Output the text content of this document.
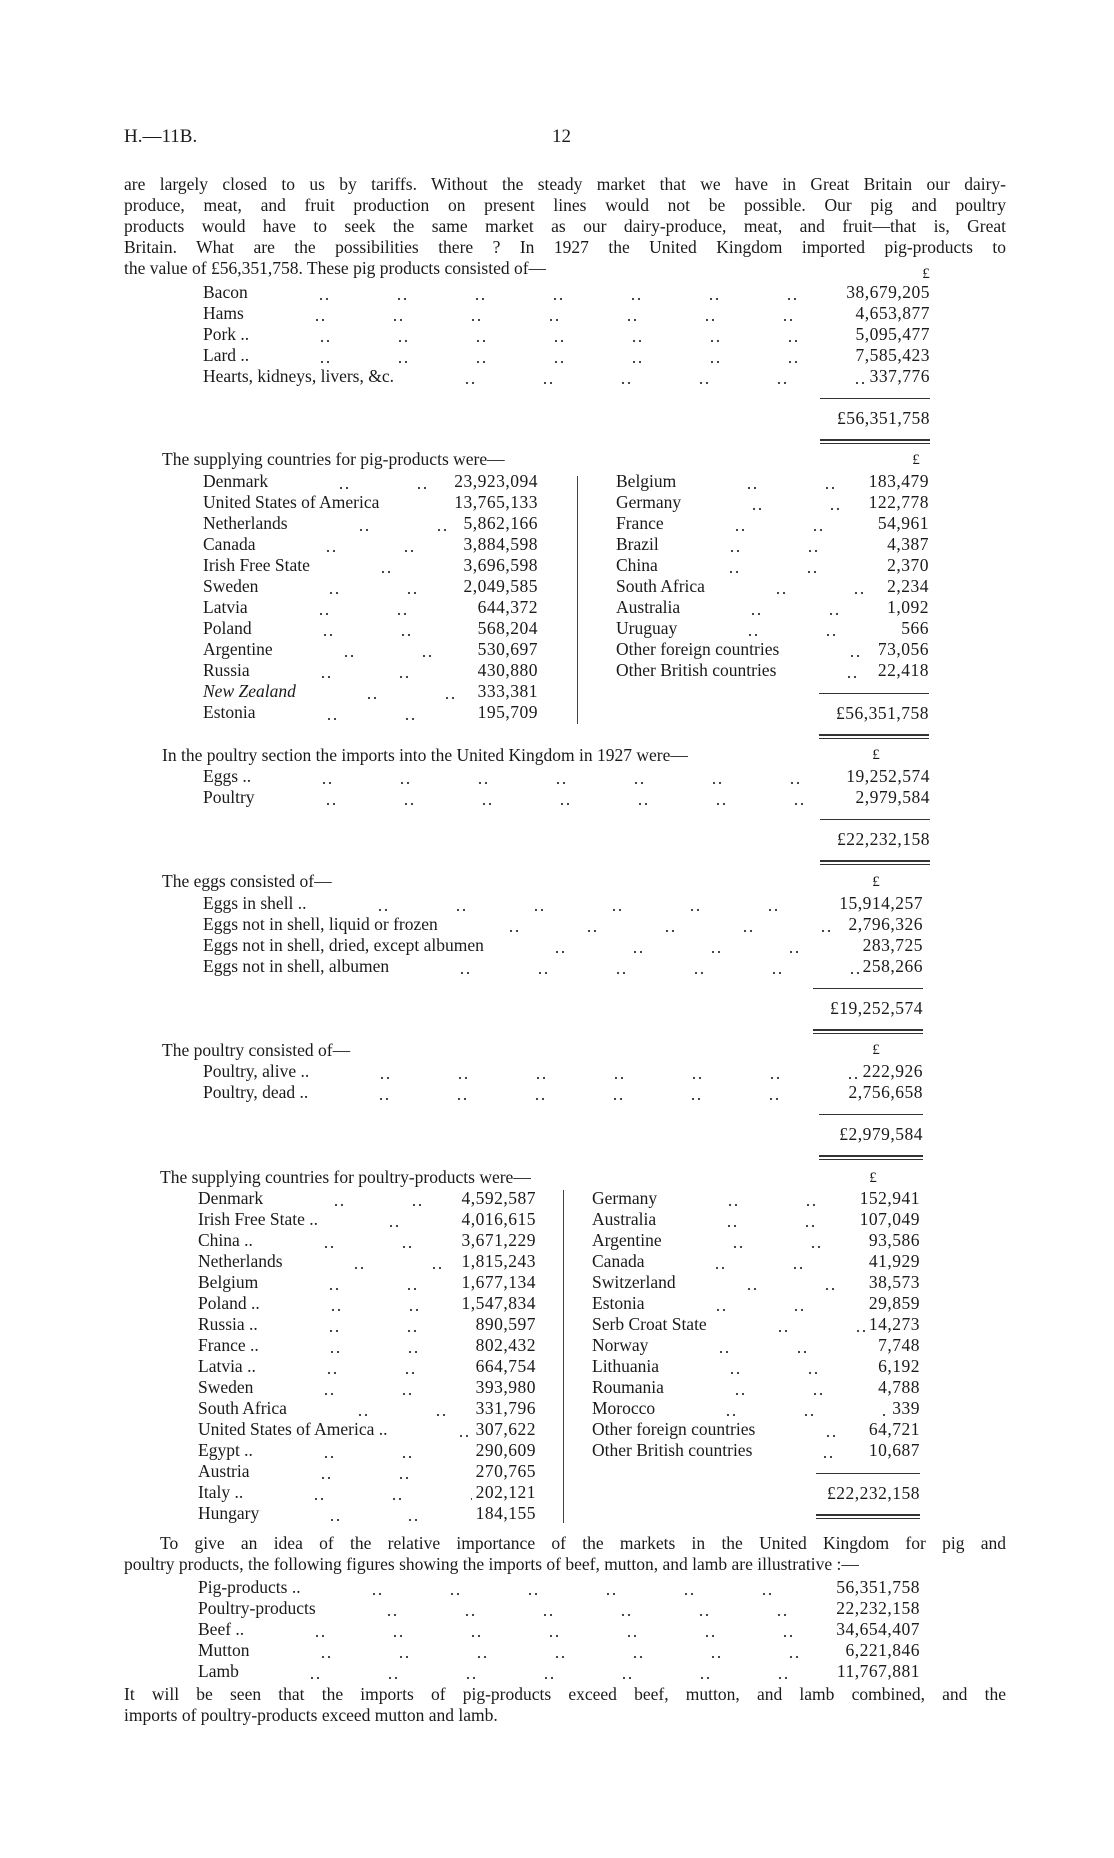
H.—11B.	12
are largely closed to us by tariffs. Without the steady market that we have in Great Britain our dairy-
produce, meat, and fruit production on present lines would not be possible. Our pig and poultry
products would have to seek the same market as our dairy-produce, meat, and fruit—that is, Great
Britain. What are the possibilities there ? In 1927 the United Kingdom imported pig-products to
the value of £56,351,758. These pig products consisted of—	£
Bacon	38,679,205
Hams	4,653,877
Pork ..	5,095,477
Lard ..	7,585,423
Hearts, kidneys, livers, &c.	337,776
£56,351,758
The supplying countries for pig-products were—	£
Denmark	23,923,094
United States of America	13,765,133
Netherlands	5,862,166
Canada	3,884,598
Irish Free State	3,696,598
Sweden	2,049,585
Latvia	644,372
Poland	568,204
Argentine	530,697
Russia	430,880
New Zealand	333,381
Estonia	195,709
Belgium	183,479
Germany	122,778
France	54,961
Brazil	4,387
China	2,370
South Africa	2,234
Australia	1,092
Uruguay	566
Other foreign countries	73,056
Other British countries	22,418
£56,351,758
In the poultry section the imports into the United Kingdom in 1927 were—	£
Eggs ..	19,252,574
Poultry	2,979,584
£22,232,158
The eggs consisted of—	£
Eggs in shell ..	15,914,257
Eggs not in shell, liquid or frozen	2,796,326
Eggs not in shell, dried, except albumen	283,725
Eggs not in shell, albumen	258,266
£19,252,574
The poultry consisted of—	£
Poultry, alive ..	222,926
Poultry, dead ..	2,756,658
£2,979,584
The supplying countries for poultry-products were—	£
Denmark	4,592,587
Irish Free State ..	4,016,615
China ..	3,671,229
Netherlands	1,815,243
Belgium	1,677,134
Poland ..	1,547,834
Russia ..	890,597
France ..	802,432
Latvia ..	664,754
Sweden	393,980
South Africa	331,796
United States of America ..	307,622
Egypt ..	290,609
Austria	270,765
Italy ..	202,121
Hungary	184,155
Germany	152,941
Australia	107,049
Argentine	93,586
Canada	41,929
Switzerland	38,573
Estonia	29,859
Serb Croat State	14,273
Norway	7,748
Lithuania	6,192
Roumania	4,788
Morocco	339
Other foreign countries	64,721
Other British countries	10,687
£22,232,158
To give an idea of the relative importance of the markets in the United Kingdom for pig and
poultry products, the following figures showing the imports of beef, mutton, and lamb are illustrative :—
Pig-products ..	56,351,758
Poultry-products	22,232,158
Beef ..	34,654,407
Mutton	6,221,846
Lamb	11,767,881
It will be seen that the imports of pig-products exceed beef, mutton, and lamb combined, and the
imports of poultry-products exceed mutton and lamb.
